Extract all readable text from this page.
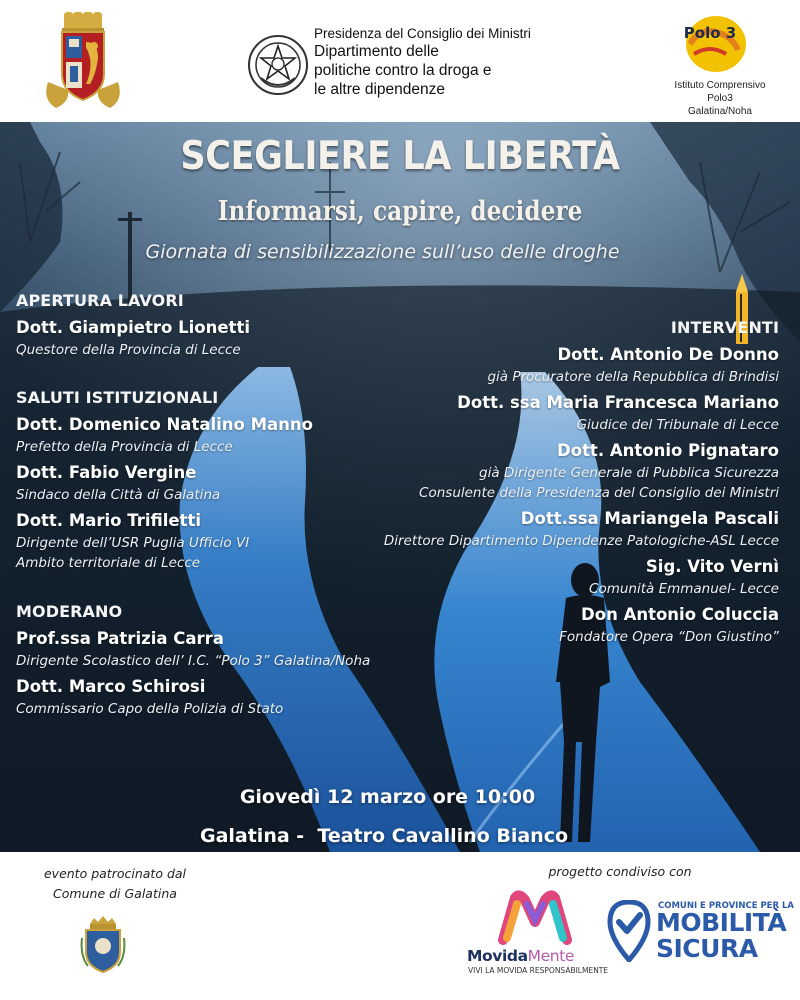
Presidenza del Consiglio dei Ministri
Dipartimento delle
politiche contro la droga e
le altre dipendenze
Polo 3
Istituto Comprensivo
Polo3
Galatina/Noha
SCEGLIERE LA LIBERTÀ
Informarsi, capire, decidere
Giornata di sensibilizzazione sull’uso delle droghe
APERTURA LAVORI
Dott. Giampietro Lionetti
Questore della Provincia di Lecce
SALUTI ISTITUZIONALI
Dott. Domenico Natalino Manno
Prefetto della Provincia di Lecce
Dott. Fabio Vergine
Sindaco della Città di Galatina
Dott. Mario Trifiletti
Dirigente dell’USR Puglia Ufficio VI
Ambito territoriale di Lecce
MODERANO
Prof.ssa Patrizia Carra
Dirigente Scolastico dell’ I.C. “Polo 3” Galatina/Noha
Dott. Marco Schirosi
Commissario Capo della Polizia di Stato
INTERVENTI
Dott. Antonio De Donno
già Procuratore della Repubblica di Brindisi
Dott. ssa Maria Francesca Mariano
Giudice del Tribunale di Lecce
Dott. Antonio Pignataro
già Dirigente Generale di Pubblica Sicurezza
Consulente della Presidenza del Consiglio dei Ministri
Dott.ssa Mariangela Pascali
Direttore Dipartimento Dipendenze Patologiche-ASL Lecce
Sig. Vito Vernì
Comunità Emmanuel- Lecce
Don Antonio Coluccia
Fondatore Opera “Don Giustino”
Giovedì 12 marzo ore 10:00
Galatina -  Teatro Cavallino Bianco
evento patrocinato dal
Comune di Galatina
progetto condiviso con
MovidaMente
VIVI LA MOVIDA RESPONSABILMENTE
COMUNI E PROVINCE PER LA
MOBILITÀ
SICURA
